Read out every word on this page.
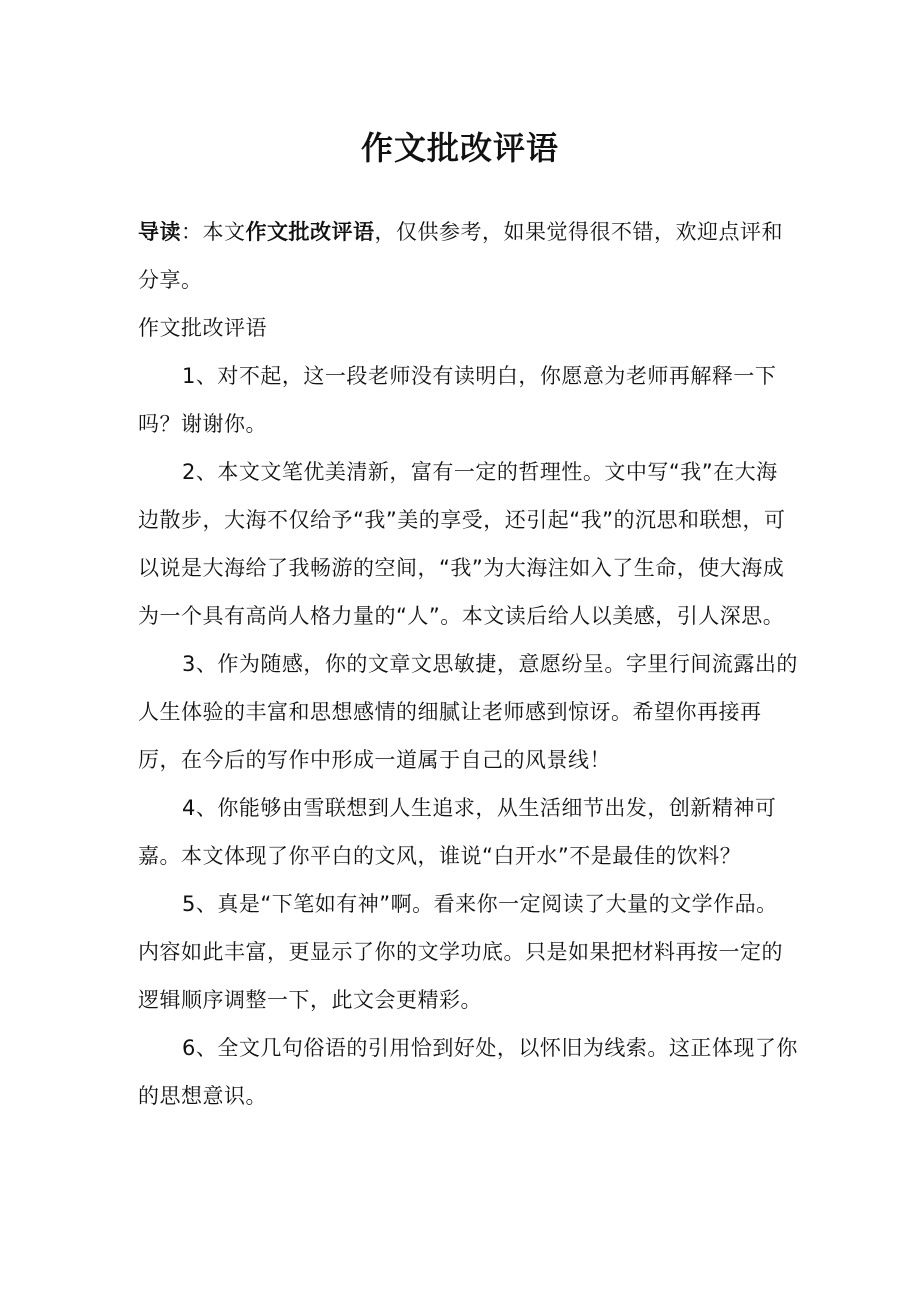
作文批改评语

导读：本文作文批改评语，仅供参考，如果觉得很不错，欢迎点评和分享。

作文批改评语

1、对不起，这一段老师没有读明白，你愿意为老师再解释一下吗？谢谢你。

2、本文文笔优美清新，富有一定的哲理性。文中写“我”在大海边散步，大海不仅给予“我”美的享受，还引起“我”的沉思和联想，可以说是大海给了我畅游的空间，“我”为大海注如入了生命，使大海成为一个具有高尚人格力量的“人”。本文读后给人以美感，引人深思。

3、作为随感，你的文章文思敏捷，意愿纷呈。字里行间流露出的人生体验的丰富和思想感情的细腻让老师感到惊讶。希望你再接再厉，在今后的写作中形成一道属于自己的风景线！

4、你能够由雪联想到人生追求，从生活细节出发，创新精神可嘉。本文体现了你平白的文风，谁说“白开水”不是最佳的饮料？

5、真是“下笔如有神”啊。看来你一定阅读了大量的文学作品。内容如此丰富，更显示了你的文学功底。只是如果把材料再按一定的逻辑顺序调整一下，此文会更精彩。

6、全文几句俗语的引用恰到好处，以怀旧为线索。这正体现了你的思想意识。
